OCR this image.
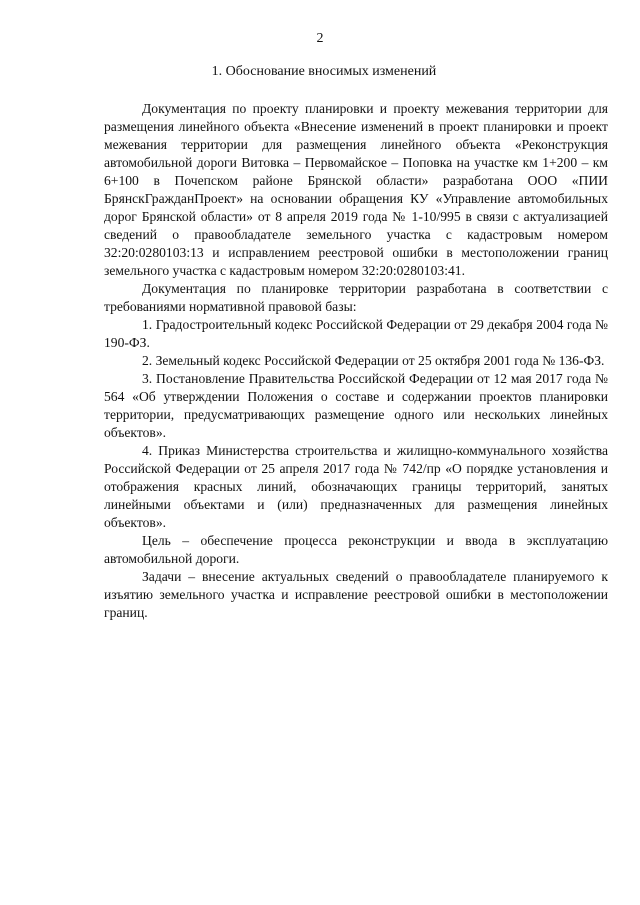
2
1. Обоснование вносимых изменений

Документация по проекту планировки и проекту межевания территории для размещения линейного объекта «Внесение изменений в проект планировки и проект межевания территории для размещения линейного объекта «Реконструкция автомобильной дороги Витовка – Первомайское – Поповка на участке км 1+200 – км 6+100 в Почепском районе Брянской области» разработана ООО «ПИИ БрянскГражданПроект» на основании обращения КУ «Управление автомобильных дорог Брянской области» от 8 апреля 2019 года № 1-10/995 в связи с актуализацией сведений о правообладателе земельного участка с кадастровым номером 32:20:0280103:13 и исправлением реестровой ошибки в местоположении границ земельного участка с кадастровым номером 32:20:0280103:41.

Документация по планировке территории разработана в соответствии с требованиями нормативной правовой базы:

1. Градостроительный кодекс Российской Федерации от 29 декабря 2004 года № 190-ФЗ.

2. Земельный кодекс Российской Федерации от 25 октября 2001 года № 136-ФЗ.

3. Постановление Правительства Российской Федерации от 12 мая 2017 года № 564 «Об утверждении Положения о составе и содержании проектов планировки территории, предусматривающих размещение одного или нескольких линейных объектов».

4. Приказ Министерства строительства и жилищно-коммунального хозяйства Российской Федерации от 25 апреля 2017 года № 742/пр «О порядке установления и отображения красных линий, обозначающих границы территорий, занятых линейными объектами и (или) предназначенных для размещения линейных объектов».

Цель – обеспечение процесса реконструкции и ввода в эксплуатацию автомобильной дороги.

Задачи – внесение актуальных сведений о правообладателе планируемого к изъятию земельного участка и исправление реестровой ошибки в местоположении границ.
